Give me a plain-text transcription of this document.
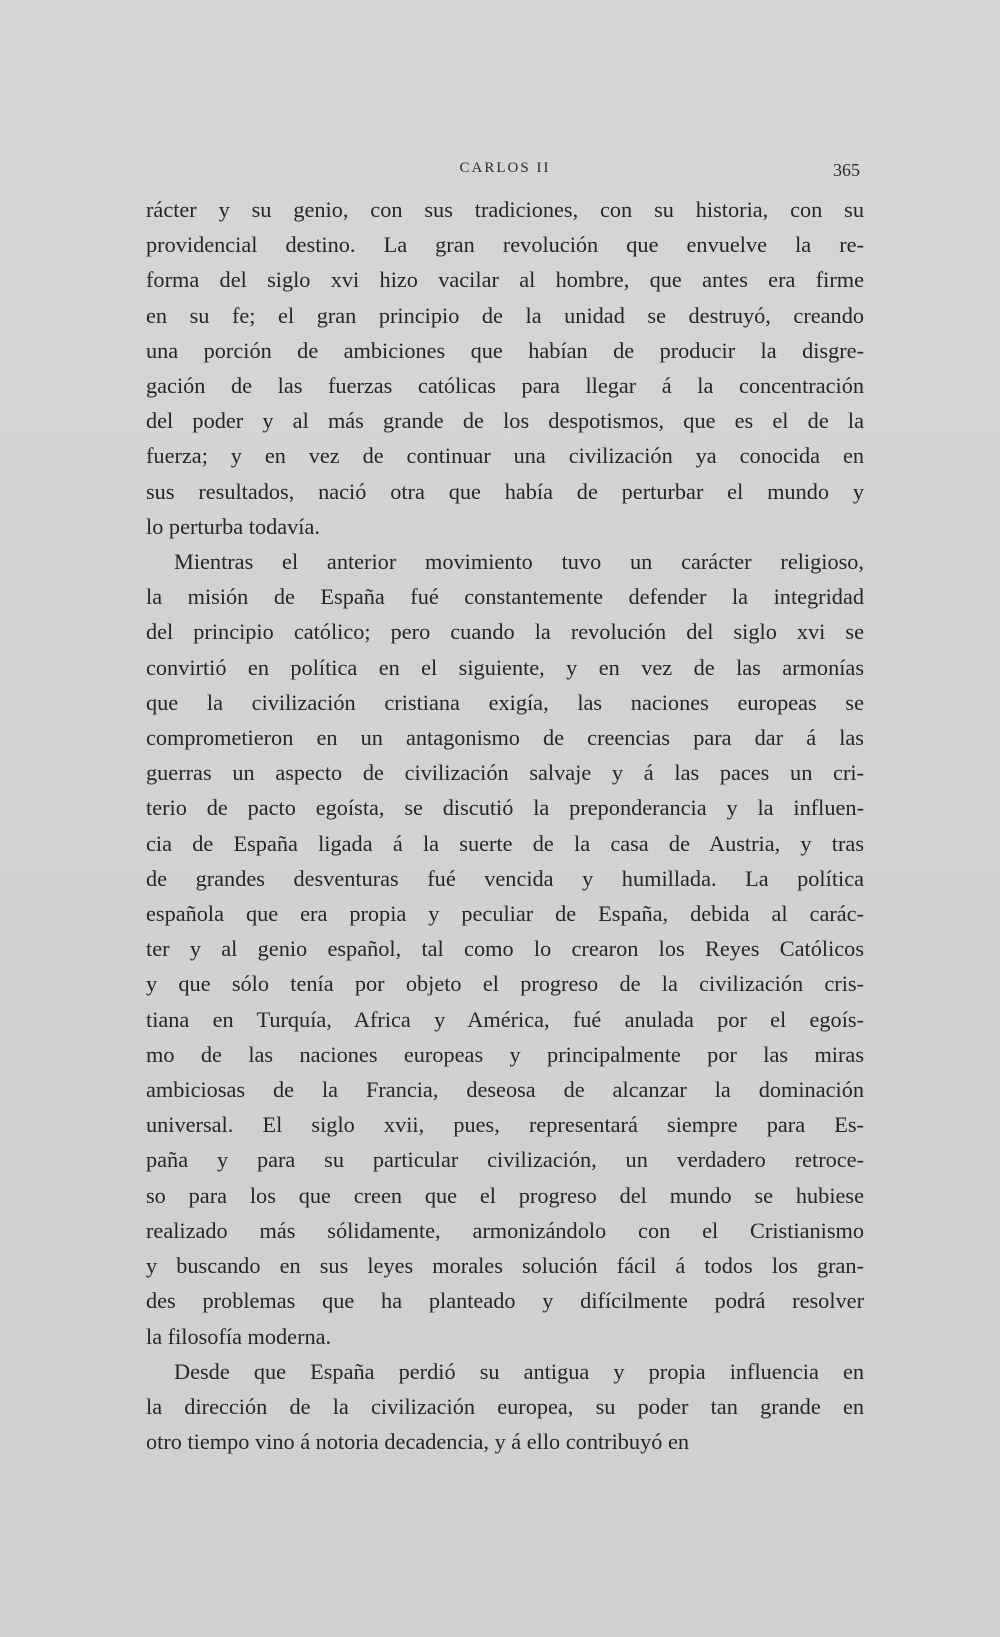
CARLOS II	365
rácter y su genio, con sus tradiciones, con su historia, con su
providencial destino. La gran revolución que envuelve la re-
forma del siglo xvi hizo vacilar al hombre, que antes era firme
en su fe; el gran principio de la unidad se destruyó, creando
una porción de ambiciones que habían de producir la disgre-
gación de las fuerzas católicas para llegar á la concentración
del poder y al más grande de los despotismos, que es el de la
fuerza; y en vez de continuar una civilización ya conocida en
sus resultados, nació otra que había de perturbar el mundo y
lo perturba todavía.
Mientras el anterior movimiento tuvo un carácter religioso,
la misión de España fué constantemente defender la integridad
del principio católico; pero cuando la revolución del siglo xvi se
convirtió en política en el siguiente, y en vez de las armonías
que la civilización cristiana exigía, las naciones europeas se
comprometieron en un antagonismo de creencias para dar á las
guerras un aspecto de civilización salvaje y á las paces un cri-
terio de pacto egoísta, se discutió la preponderancia y la influen-
cia de España ligada á la suerte de la casa de Austria, y tras
de grandes desventuras fué vencida y humillada. La política
española que era propia y peculiar de España, debida al carác-
ter y al genio español, tal como lo crearon los Reyes Católicos
y que sólo tenía por objeto el progreso de la civilización cris-
tiana en Turquía, Africa y América, fué anulada por el egoís-
mo de las naciones europeas y principalmente por las miras
ambiciosas de la Francia, deseosa de alcanzar la dominación
universal. El siglo xvii, pues, representará siempre para Es-
paña y para su particular civilización, un verdadero retroce-
so para los que creen que el progreso del mundo se hubiese
realizado más sólidamente, armonizándolo con el Cristianismo
y buscando en sus leyes morales solución fácil á todos los gran-
des problemas que ha planteado y difícilmente podrá resolver
la filosofía moderna.
Desde que España perdió su antigua y propia influencia en
la dirección de la civilización europea, su poder tan grande en
otro tiempo vino á notoria decadencia, y á ello contribuyó en
